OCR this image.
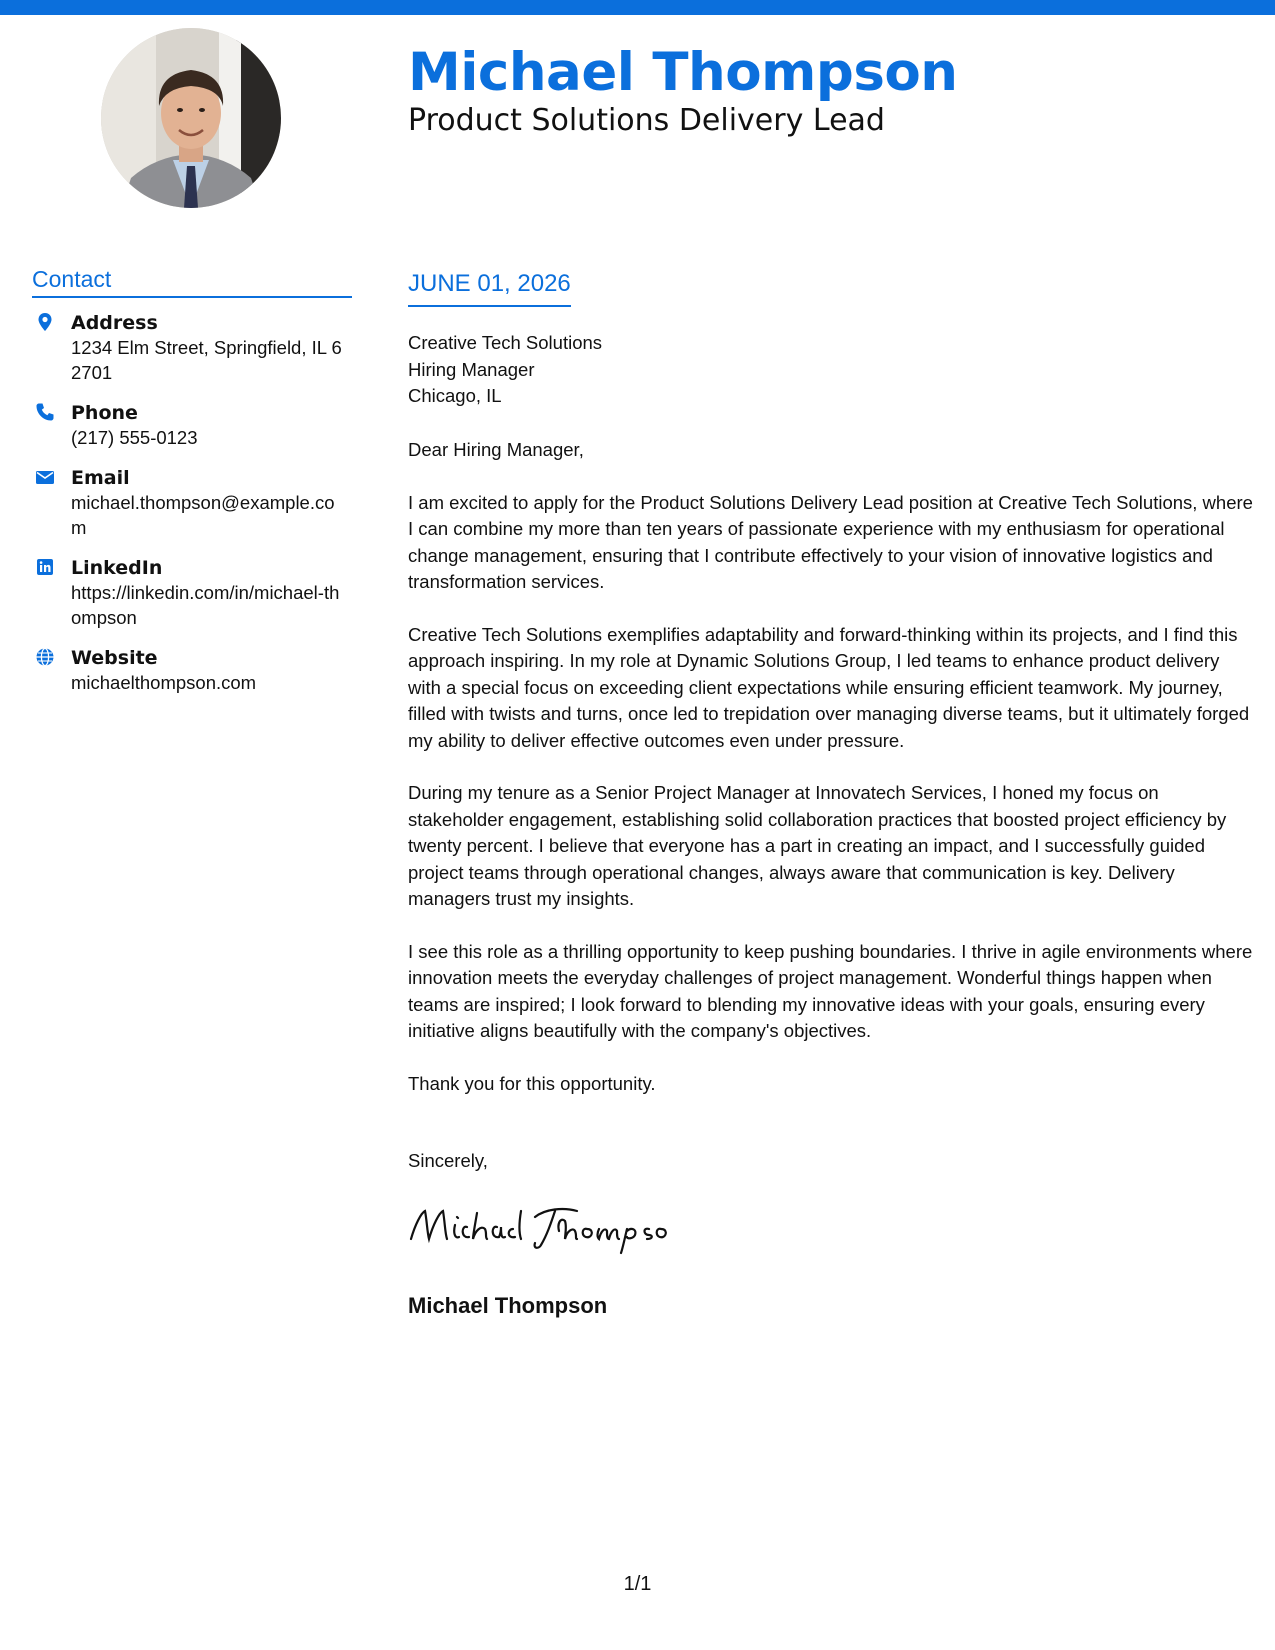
Michael Thompson
Product Solutions Delivery Lead
Contact
Address
1234 Elm Street, Springfield, IL 62701
Phone
(217) 555-0123
Email
michael.thompson@example.com
LinkedIn
https://linkedin.com/in/michael-thompson
Website
michaelthompson.com
JUNE 01, 2026
Creative Tech Solutions
Hiring Manager
Chicago, IL

Dear Hiring Manager,

I am excited to apply for the Product Solutions Delivery Lead position at Creative Tech Solutions, where I can combine my more than ten years of passionate experience with my enthusiasm for operational change management, ensuring that I contribute effectively to your vision of innovative logistics and transformation services.

Creative Tech Solutions exemplifies adaptability and forward-thinking within its projects, and I find this approach inspiring. In my role at Dynamic Solutions Group, I led teams to enhance product delivery with a special focus on exceeding client expectations while ensuring efficient teamwork. My journey, filled with twists and turns, once led to trepidation over managing diverse teams, but it ultimately forged my ability to deliver effective outcomes even under pressure.

During my tenure as a Senior Project Manager at Innovatech Services, I honed my focus on stakeholder engagement, establishing solid collaboration practices that boosted project efficiency by twenty percent. I believe that everyone has a part in creating an impact, and I successfully guided project teams through operational changes, always aware that communication is key. Delivery managers trust my insights.

I see this role as a thrilling opportunity to keep pushing boundaries. I thrive in agile environments where innovation meets the everyday challenges of project management. Wonderful things happen when teams are inspired; I look forward to blending my innovative ideas with your goals, ensuring every initiative aligns beautifully with the company's objectives.

Thank you for this opportunity.

Sincerely,
Michael Thompson
1/1
